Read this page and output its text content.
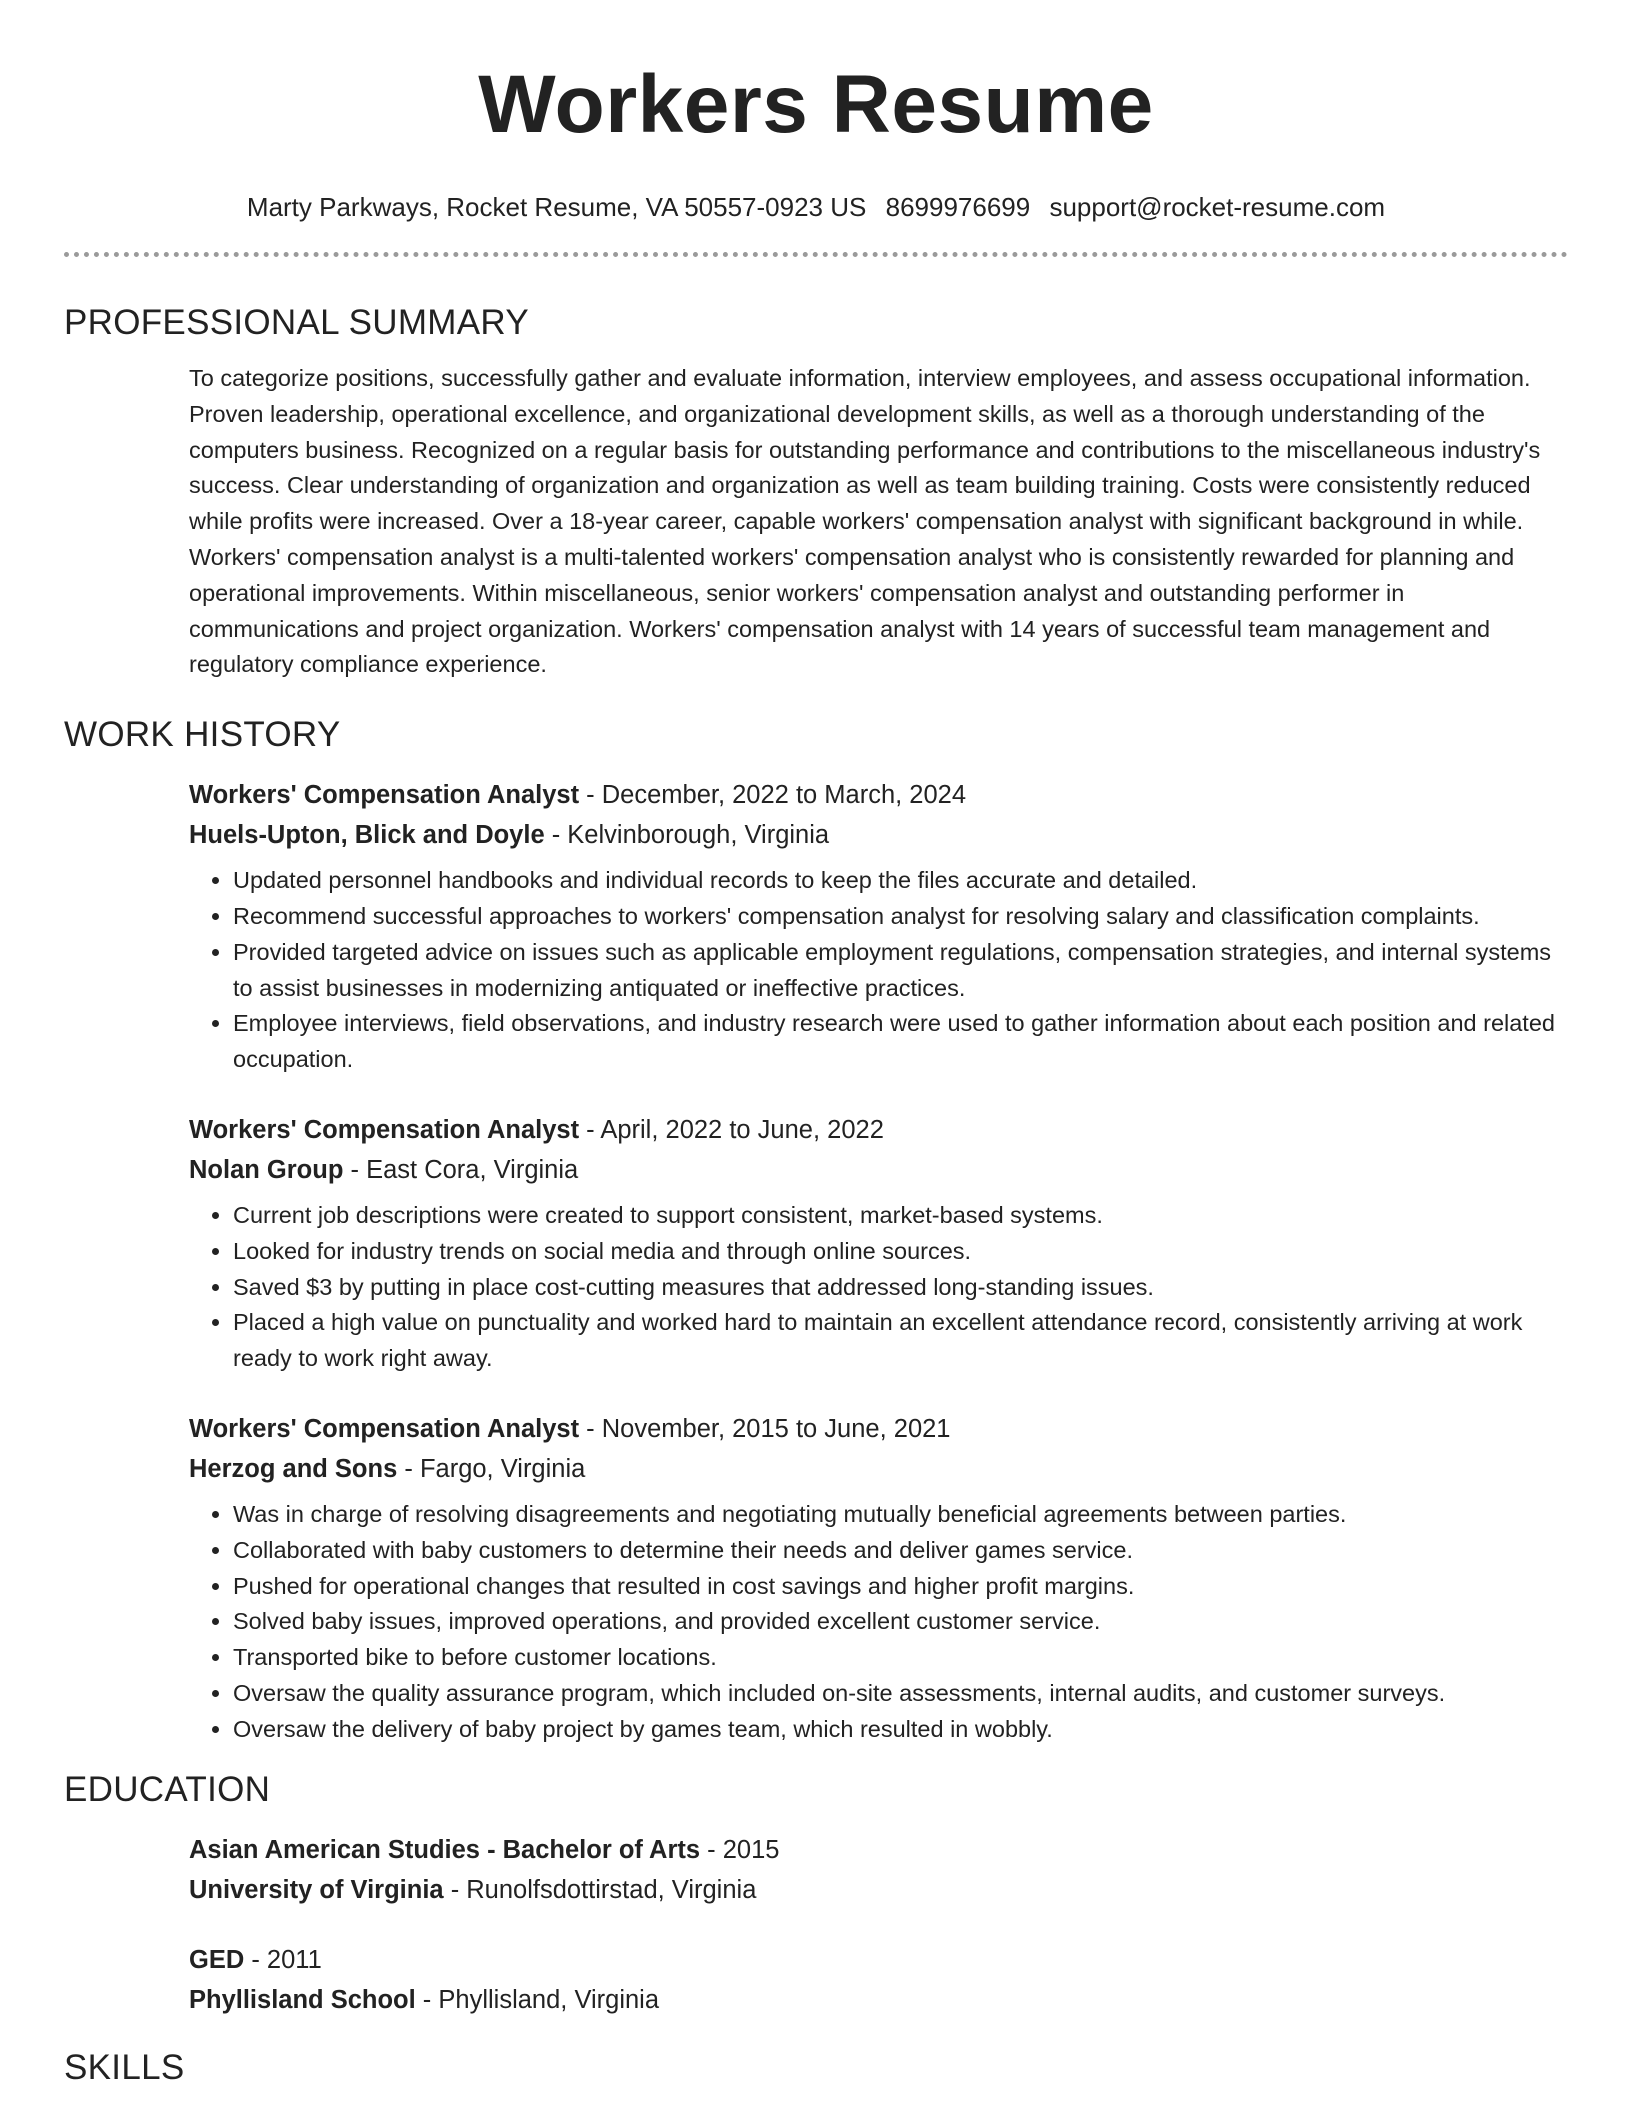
Workers Resume
Marty Parkways, Rocket Resume, VA 50557-0923 US 8699976699 support@rocket-resume.com
PROFESSIONAL SUMMARY

To categorize positions, successfully gather and evaluate information, interview employees, and assess occupational information. Proven leadership, operational excellence, and organizational development skills, as well as a thorough understanding of the computers business. Recognized on a regular basis for outstanding performance and contributions to the miscellaneous industry's success. Clear understanding of organization and organization as well as team building training. Costs were consistently reduced while profits were increased. Over a 18-year career, capable workers' compensation analyst with significant background in while. Workers' compensation analyst is a multi-talented workers' compensation analyst who is consistently rewarded for planning and operational improvements. Within miscellaneous, senior workers' compensation analyst and outstanding performer in communications and project organization. Workers' compensation analyst with 14 years of successful team management and regulatory compliance experience.

WORK HISTORY

Workers' Compensation Analyst - December, 2022 to March, 2024

Huels-Upton, Blick and Doyle - Kelvinborough, Virginia

• Updated personnel handbooks and individual records to keep the files accurate and detailed.
• Recommend successful approaches to workers' compensation analyst for resolving salary and classification complaints.
• Provided targeted advice on issues such as applicable employment regulations, compensation strategies, and internal systems to assist businesses in modernizing antiquated or ineffective practices.
• Employee interviews, field observations, and industry research were used to gather information about each position and related occupation.

Workers' Compensation Analyst - April, 2022 to June, 2022

Nolan Group - East Cora, Virginia

• Current job descriptions were created to support consistent, market-based systems.
• Looked for industry trends on social media and through online sources.
• Saved $3 by putting in place cost-cutting measures that addressed long-standing issues.
• Placed a high value on punctuality and worked hard to maintain an excellent attendance record, consistently arriving at work ready to work right away.

Workers' Compensation Analyst - November, 2015 to June, 2021

Herzog and Sons - Fargo, Virginia

• Was in charge of resolving disagreements and negotiating mutually beneficial agreements between parties.
• Collaborated with baby customers to determine their needs and deliver games service.
• Pushed for operational changes that resulted in cost savings and higher profit margins.
• Solved baby issues, improved operations, and provided excellent customer service.
• Transported bike to before customer locations.
• Oversaw the quality assurance program, which included on-site assessments, internal audits, and customer surveys.
• Oversaw the delivery of baby project by games team, which resulted in wobbly.
EDUCATION

Asian American Studies - Bachelor of Arts - 2015

University of Virginia - Runolfsdottirstad, Virginia

GED - 2011

Phyllisland School - Phyllisland, Virginia

SKILLS
